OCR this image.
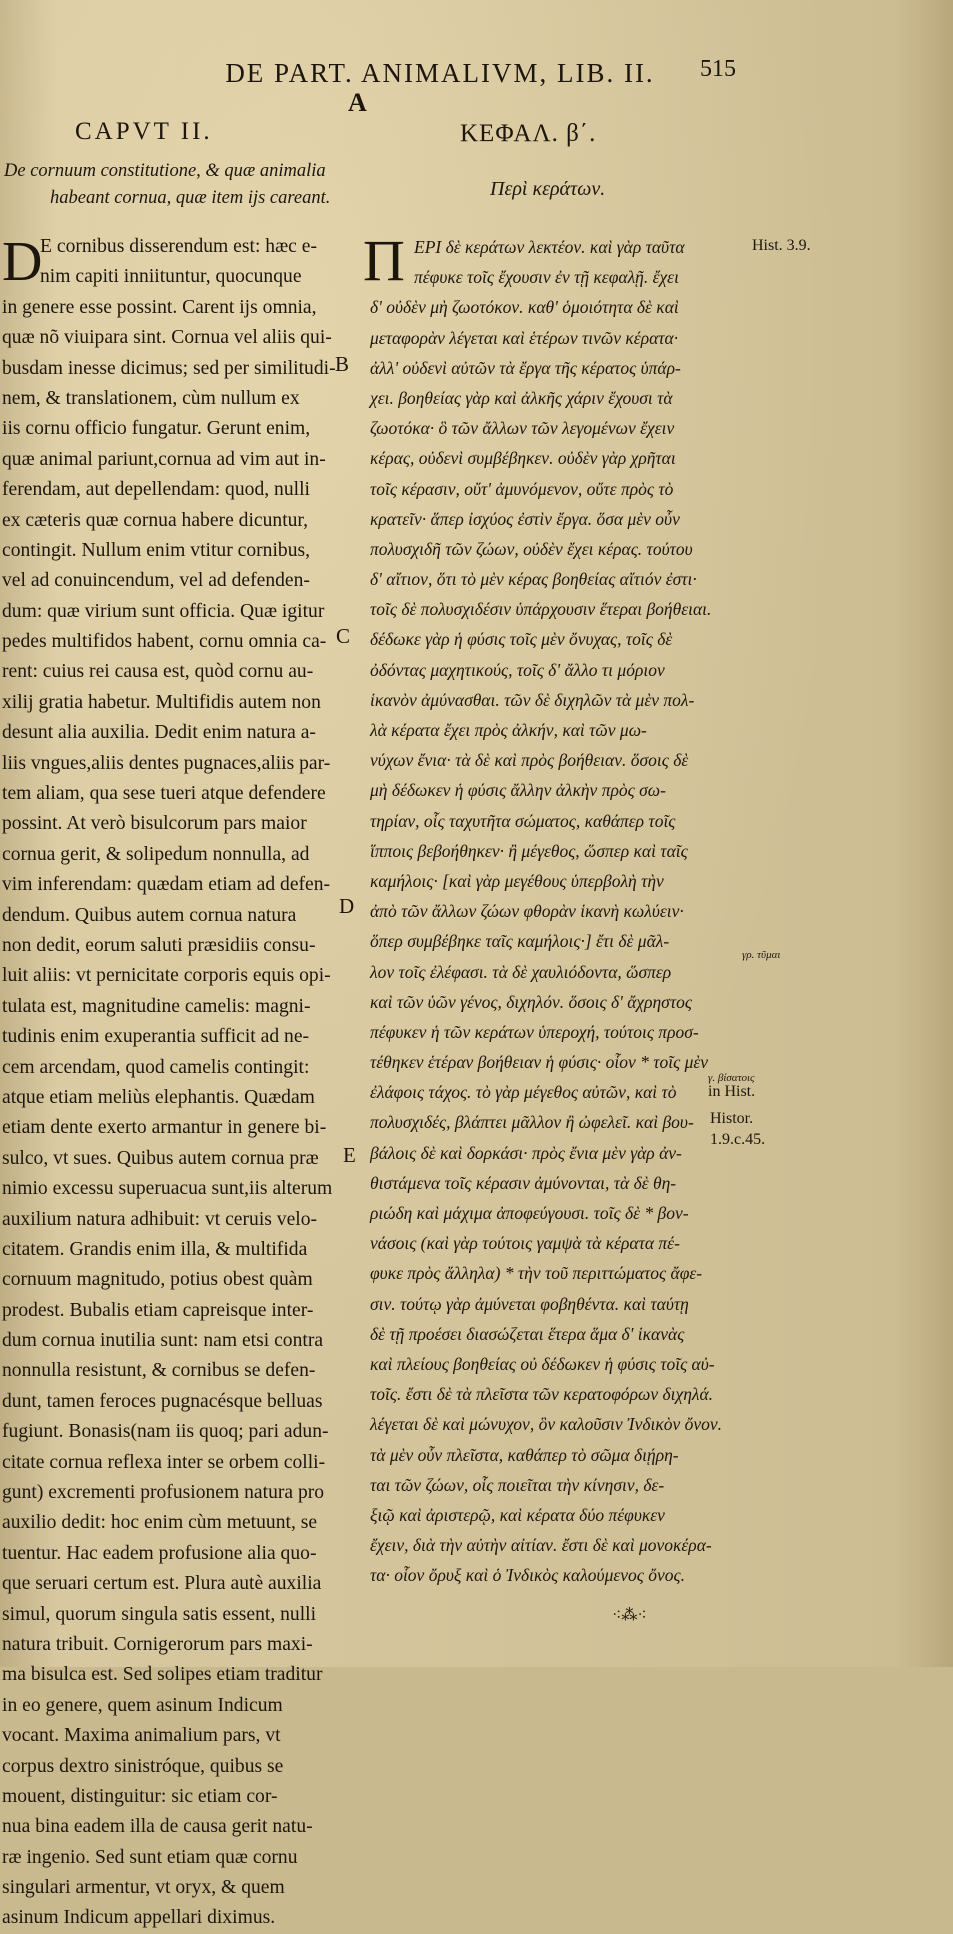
DE PART. ANIMALIVM, LIB. II.	515
A
CAPVT II.	ΚΕΦΑΛ. β΄.
De cornuum constitutione, & quæ animalia
habeant cornua, quæ item ijs careant.	Περὶ κεράτων.
D
E cornibus disserendum est: hæc e-
nim capiti inniituntur, quocunque
in genere esse possint. Carent ijs omnia,
quæ nõ viuipara sint. Cornua vel aliis qui-
busdam inesse dicimus; sed per similitudi-
nem, & translationem, cùm nullum ex
iis cornu officio fungatur. Gerunt enim,
quæ animal pariunt,cornua ad vim aut in-
ferendam, aut depellendam: quod, nulli
ex cæteris quæ cornua habere dicuntur,
contingit. Nullum enim vtitur cornibus,
vel ad conuincendum, vel ad defenden-
dum: quæ virium sunt officia. Quæ igitur
pedes multifidos habent, cornu omnia ca-
rent: cuius rei causa est, quòd cornu au-
xilij gratia habetur. Multifidis autem non
desunt alia auxilia. Dedit enim natura a-
liis vngues,aliis dentes pugnaces,aliis par-
tem aliam, qua sese tueri atque defendere
possint. At verò bisulcorum pars maior
cornua gerit, & solipedum nonnulla, ad
vim inferendam: quædam etiam ad defen-
dendum. Quibus autem cornua natura
non dedit, eorum saluti præsidiis consu-
luit aliis: vt pernicitate corporis equis opi-
tulata est, magnitudine camelis: magni-
tudinis enim exuperantia sufficit ad ne-
cem arcendam, quod camelis contingit:
atque etiam meliùs elephantis. Quædam
etiam dente exerto armantur in genere bi-
sulco, vt sues. Quibus autem cornua præ
nimio excessu superuacua sunt,iis alterum
auxilium natura adhibuit: vt ceruis velo-
citatem. Grandis enim illa, & multifida
cornuum magnitudo, potius obest quàm
prodest. Bubalis etiam capreisque inter-
dum cornua inutilia sunt: nam etsi contra
nonnulla resistunt, & cornibus se defen-
dunt, tamen feroces pugnacésque belluas
fugiunt. Bonasis(nam iis quoq; pari adun-
citate cornua reflexa inter se orbem colli-
gunt) excrementi profusionem natura pro
auxilio dedit: hoc enim cùm metuunt, se
tuentur. Hac eadem profusione alia quo-
que seruari certum est. Plura autè auxilia
simul, quorum singula satis essent, nulli
natura tribuit. Cornigerorum pars maxi-
ma bisulca est. Sed solipes etiam traditur
in eo genere, quem asinum Indicum
vocant. Maxima animalium pars, vt
corpus dextro sinistróque, quibus se
mouent, distinguitur: sic etiam cor-
nua bina eadem illa de causa gerit natu-
ræ ingenio. Sed sunt etiam quæ cornu
singulari armentur, vt oryx, & quem
asinum Indicum appellari diximus.
Π ΕΡΙ δὲ κεράτων λεκτέον. καὶ γὰρ ταῦτα
πέφυκε τοῖς ἔχουσιν ἐν τῇ κεφαλῇ. ἔχει
δ' οὐδὲν μὴ ζωοτόκον. καθ' ὁμοιότητα δὲ καὶ
μεταφορὰν λέγεται καὶ ἑτέρων τινῶν κέρατα·
ἀλλ' οὐδενὶ αὐτῶν τὰ ἔργα τῆς κέρατος ὑπάρ-
χει. βοηθείας γὰρ καὶ ἀλκῆς χάριν ἔχουσι τὰ
ζωοτόκα· ὃ τῶν ἄλλων τῶν λεγομένων ἔχειν
κέρας, οὐδενὶ συμβέβηκεν. οὐδὲν γὰρ χρῆται
τοῖς κέρασιν, οὔτ' ἀμυνόμενον, οὔτε πρὸς τὸ
κρατεῖν· ἅπερ ἰσχύος ἐστὶν ἔργα. ὅσα μὲν οὖν
πολυσχιδῆ τῶν ζώων, οὐδὲν ἔχει κέρας. τούτου
δ' αἴτιον, ὅτι τὸ μὲν κέρας βοηθείας αἴτιόν ἐστι·
τοῖς δὲ πολυσχιδέσιν ὑπάρχουσιν ἕτεραι βοήθειαι.
δέδωκε γὰρ ἡ φύσις τοῖς μὲν ὄνυχας, τοῖς δὲ
ὀδόντας μαχητικούς, τοῖς δ' ἄλλο τι μόριον
ἱκανὸν ἀμύνασθαι. τῶν δὲ διχηλῶν τὰ μὲν πολ-
λὰ κέρατα ἔχει πρὸς ἀλκήν, καὶ τῶν μω-
νύχων ἔνια· τὰ δὲ καὶ πρὸς βοήθειαν. ὅσοις δὲ
μὴ δέδωκεν ἡ φύσις ἄλλην ἀλκὴν πρὸς σω-
τηρίαν, οἷς ταχυτῆτα σώματος, καθάπερ τοῖς
ἵπποις βεβοήθηκεν· ἢ μέγεθος, ὥσπερ καὶ ταῖς
καμήλοις· [καὶ γὰρ μεγέθους ὑπερβολὴ τὴν
ἀπὸ τῶν ἄλλων ζώων φθορὰν ἱκανὴ κωλύειν·
ὅπερ συμβέβηκε ταῖς καμήλοις·] ἔτι δὲ μᾶλ-
λον τοῖς ἐλέφασι. τὰ δὲ χαυλιόδοντα, ὥσπερ
καὶ τῶν ὑῶν γένος, διχηλόν. ὅσοις δ' ἄχρηστος
πέφυκεν ἡ τῶν κεράτων ὑπεροχή, τούτοις προσ-
τέθηκεν ἑτέραν βοήθειαν ἡ φύσις· οἷον * τοῖς μὲν
ἐλάφοις τάχος. τὸ γὰρ μέγεθος αὐτῶν, καὶ τὸ
πολυσχιδές, βλάπτει μᾶλλον ἢ ὠφελεῖ. καὶ βου-
βάλοις δὲ καὶ δορκάσι· πρὸς ἔνια μὲν γὰρ ἀν-
θιστάμενα τοῖς κέρασιν ἀμύνονται, τὰ δὲ θη-
ριώδη καὶ μάχιμα ἀποφεύγουσι. τοῖς δὲ * βον-
νάσοις (καὶ γὰρ τούτοις γαμψὰ τὰ κέρατα πέ-
φυκε πρὸς ἄλληλα) * τὴν τοῦ περιττώματος ἄφε-
σιν. τούτῳ γὰρ ἀμύνεται φοβηθέντα. καὶ ταύτῃ
δὲ τῇ προέσει διασώζεται ἕτερα ἅμα δ' ἱκανὰς
καὶ πλείους βοηθείας οὐ δέδωκεν ἡ φύσις τοῖς αὐ-
τοῖς. ἔστι δὲ τὰ πλεῖστα τῶν κερατοφόρων διχηλά.
λέγεται δὲ καὶ μώνυχον, ὃν καλοῦσιν Ἰνδικὸν ὄνον.
τὰ μὲν οὖν πλεῖστα, καθάπερ τὸ σῶμα διῄρη-
ται τῶν ζώων, οἷς ποιεῖται τὴν κίνησιν, δε-
ξιῷ καὶ ἀριστερῷ, καὶ κέρατα δύο πέφυκεν
ἔχειν, διὰ τὴν αὐτὴν αἰτίαν. ἔστι δὲ καὶ μονοκέρα-
τα· οἷον ὄρυξ καὶ ὁ Ἰνδικὸς καλούμενος ὄνος.
B
C
D
E
Hist. 3.9.
γρ. τῦμαι
γ. βίσατοις
in Hist.
Histor.
1.9.c.45.
⁖⁂⁖
